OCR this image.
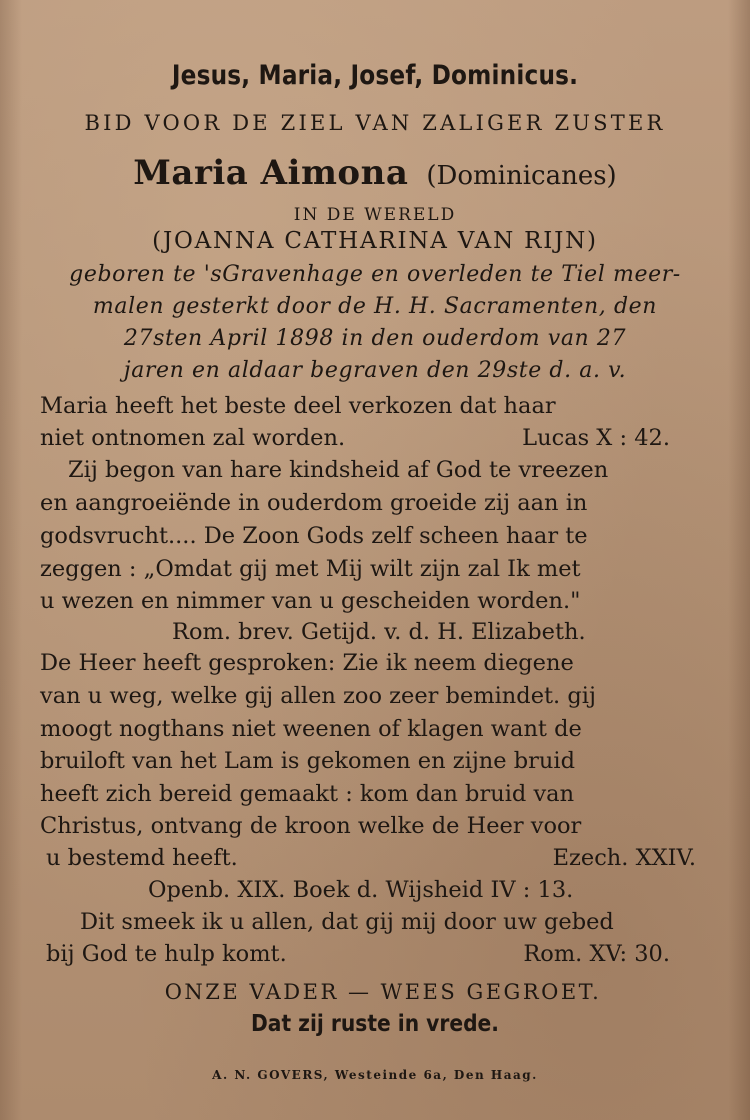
Jesus, Maria, Josef, Dominicus.
BID VOOR DE ZIEL VAN ZALIGER ZUSTER
Maria Aimona (Dominicanes)
IN DE WERELD
(JOANNA CATHARINA VAN RIJN)
geboren te 'sGravenhage en overleden te Tiel meer-
malen gesterkt door de H. H. Sacramenten, den
27sten April 1898 in den ouderdom van 27
jaren en aldaar begraven den 29ste d. a. v.
Maria heeft het beste deel verkozen dat haar
niet ontnomen zal worden.	Lucas X : 42.
Zij begon van hare kindsheid af God te vreezen
en aangroeiënde in ouderdom groeide zij aan in
godsvrucht.... De Zoon Gods zelf scheen haar te
zeggen : „Omdat gij met Mij wilt zijn zal Ik met
u wezen en nimmer van u gescheiden worden."
Rom. brev. Getijd. v. d. H. Elizabeth.
De Heer heeft gesproken: Zie ik neem diegene
van u weg, welke gij allen zoo zeer bemindet. gij
moogt nogthans niet weenen of klagen want de
bruiloft van het Lam is gekomen en zijne bruid
heeft zich bereid gemaakt : kom dan bruid van
Christus, ontvang de kroon welke de Heer voor
u bestemd heeft.	Ezech. XXIV.
Openb. XIX. Boek d. Wijsheid IV : 13.
Dit smeek ik u allen, dat gij mij door uw gebed
bij God te hulp komt.	Rom. XV: 30.
ONZE VADER — WEES GEGROET.
Dat zij ruste in vrede.
A. N. GOVERS, Westeinde 6a, Den Haag.
